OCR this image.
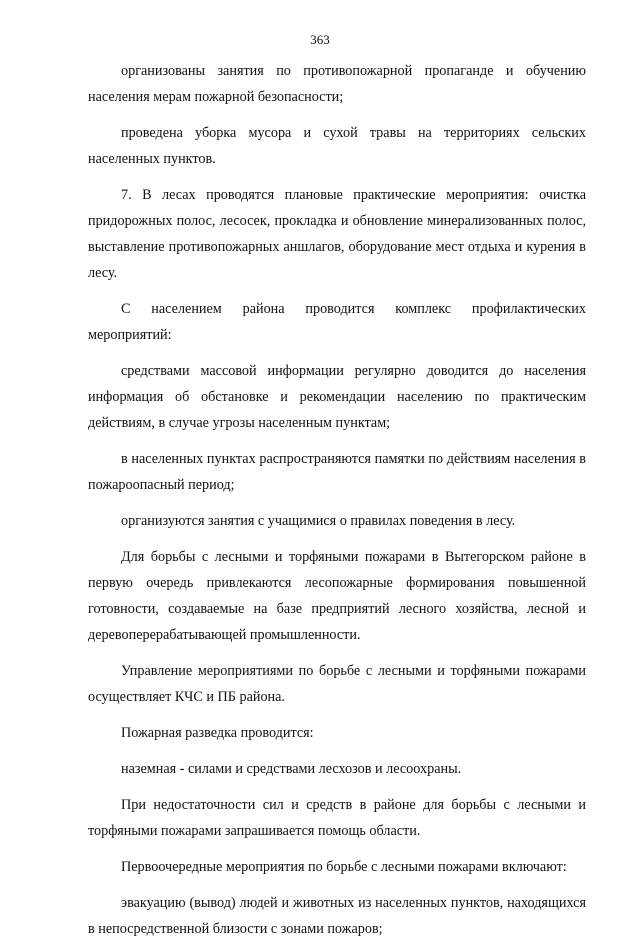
363

организованы занятия по противопожарной пропаганде и обучению населения мерам пожарной безопасности;

проведена уборка мусора и сухой травы на территориях сельских населенных пунктов.

7. В лесах проводятся плановые практические мероприятия: очистка придорожных полос, лесосек, прокладка и обновление минерализованных полос, выставление противопожарных аншлагов, оборудование мест отдыха и курения в лесу.

С населением района проводится комплекс профилактических мероприятий:

средствами массовой информации регулярно доводится до населения информация об обстановке и рекомендации населению по практическим действиям, в случае угрозы населенным пунктам;

в населенных пунктах распространяются памятки по действиям населения в пожароопасный период;

организуются занятия с учащимися о правилах поведения в лесу.

Для борьбы с лесными и торфяными пожарами в Вытегорском районе в первую очередь привлекаются лесопожарные формирования повышенной готовности, создаваемые на базе предприятий лесного хозяйства, лесной и деревоперерабатывающей промышленности.

Управление мероприятиями по борьбе с лесными и торфяными пожарами осуществляет КЧС и ПБ района.

Пожарная разведка проводится:

наземная - силами и средствами лесхозов и лесоохраны.

При недостаточности сил и средств в районе для борьбы с лесными и торфяными пожарами запрашивается помощь области.

Первоочередные мероприятия по борьбе с лесными пожарами включают:

эвакуацию (вывод) людей и животных из населенных пунктов, находящихся в непосредственной близости с зонами пожаров;
